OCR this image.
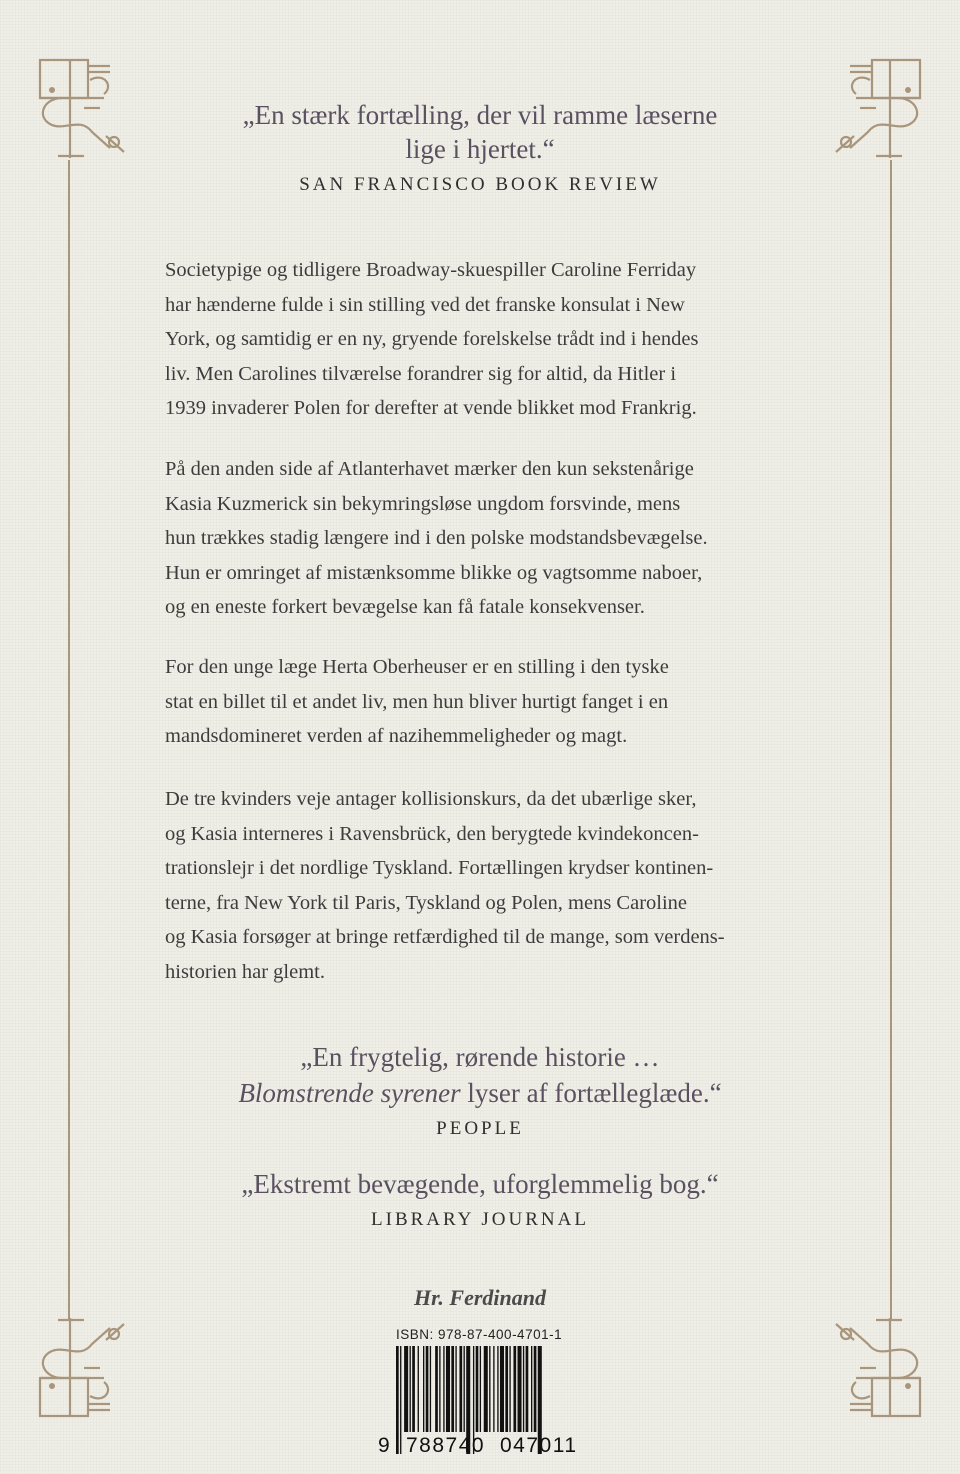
„En stærk fortælling, der vil ramme læserne
lige i hjertet.“
SAN FRANCISCO BOOK REVIEW
Societypige og tidligere Broadway-skuespiller Caroline Ferriday
har hænderne fulde i sin stilling ved det franske konsulat i New
York, og samtidig er en ny, gryende forelskelse trådt ind i hendes
liv. Men Carolines tilværelse forandrer sig for altid, da Hitler i
1939 invaderer Polen for derefter at vende blikket mod Frankrig.
På den anden side af Atlanterhavet mærker den kun sekstenårige
Kasia Kuzmerick sin bekymringsløse ungdom forsvinde, mens
hun trækkes stadig længere ind i den polske modstandsbevægelse.
Hun er omringet af mistænksomme blikke og vagtsomme naboer,
og en eneste forkert bevægelse kan få fatale konsekvenser.
For den unge læge Herta Oberheuser er en stilling i den tyske
stat en billet til et andet liv, men hun bliver hurtigt fanget i en
mandsdomineret verden af nazihemmeligheder og magt.
De tre kvinders veje antager kollisionskurs, da det ubærlige sker,
og Kasia interneres i Ravensbrück, den berygtede kvindekoncen-
trationslejr i det nordlige Tyskland. Fortællingen krydser kontinen-
terne, fra New York til Paris, Tyskland og Polen, mens Caroline
og Kasia forsøger at bringe retfærdighed til de mange, som verdens-
historien har glemt.
„En frygtelig, rørende historie …
Blomstrende syrener lyser af fortælleglæde.“
PEOPLE
„Ekstremt bevægende, uforglemmelig bog.“
LIBRARY JOURNAL
Hr. Ferdinand
ISBN: 978-87-400-4701-1
9 788740 047011
